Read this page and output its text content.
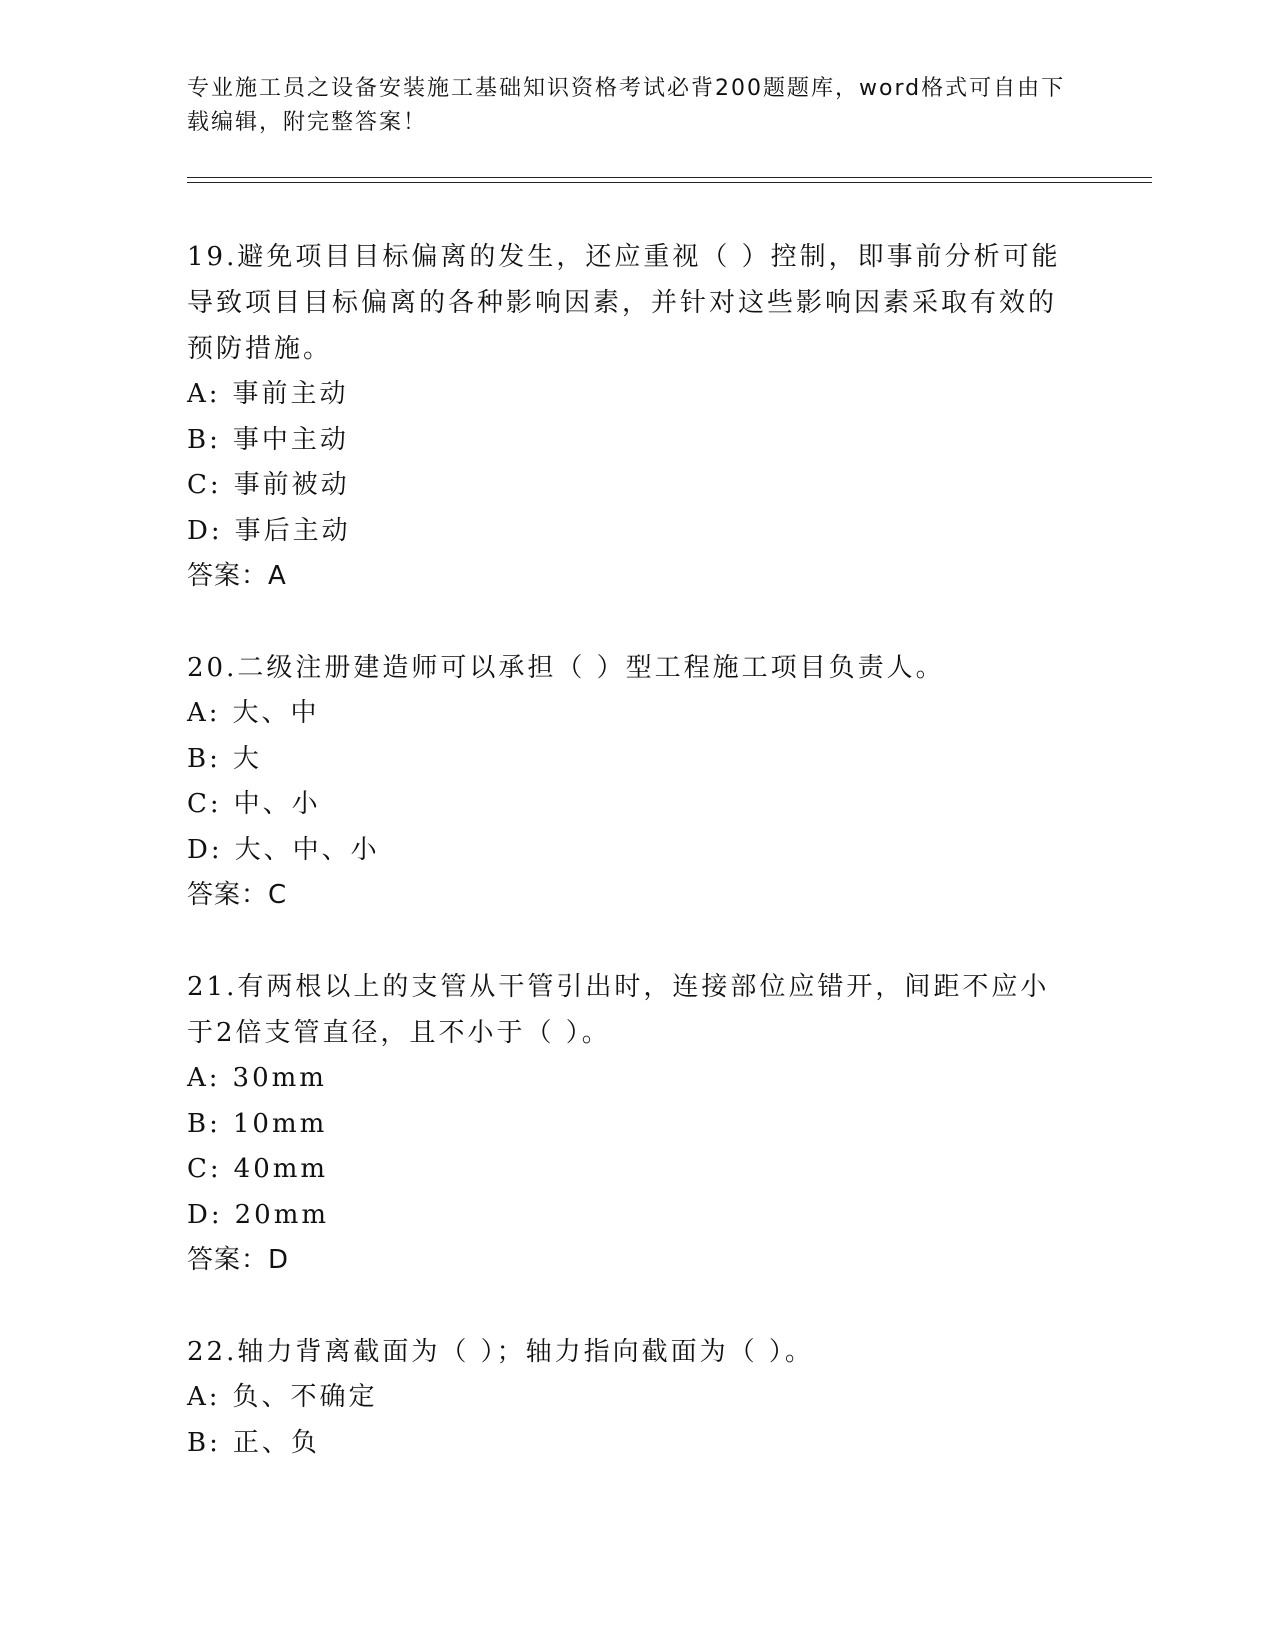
专业施工员之设备安装施工基础知识资格考试必背200题题库，word格式可自由下载编辑，附完整答案！

19.避免项目目标偏离的发生，还应重视（ ）控制，即事前分析可能导致项目目标偏离的各种影响因素，并针对这些影响因素采取有效的预防措施。

A: 事前主动

B: 事中主动

C: 事前被动

D: 事后主动

答案：A

20.二级注册建造师可以承担（ ）型工程施工项目负责人。

A: 大、中

B: 大

C: 中、小

D: 大、中、小

答案：C

21.有两根以上的支管从干管引出时，连接部位应错开，间距不应小于2倍支管直径，且不小于（ ）。

A: 30mm

B: 10mm

C: 40mm

D: 20mm

答案：D

22.轴力背离截面为（ ）；轴力指向截面为（ ）。

A: 负、不确定

B: 正、负
